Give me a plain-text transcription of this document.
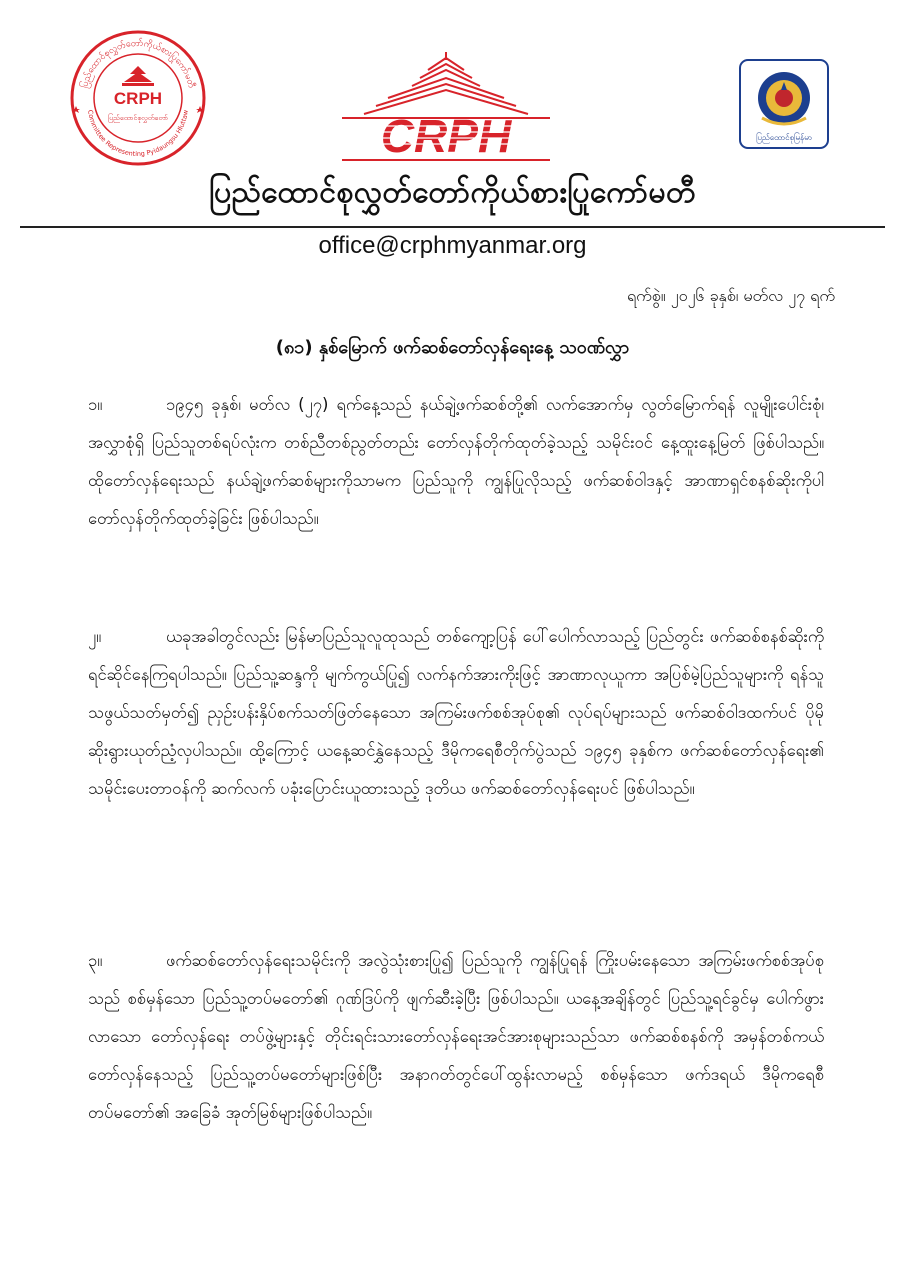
ပြည်ထောင်စုလွှတ်တော်ကိုယ်စားပြုကော်မတီ
Committee Representing Pyidaungsu Hluttaw
CRPH
ပြည်ထောင်စုလွှတ်တော်	CRPH	ပြည်ထောင်စုမြန်မာ
ပြည်ထောင်စုလွှတ်တော်ကိုယ်စားပြုကော်မတီ
office@crphmyanmar.org
ရက်စွဲ။ ၂၀၂၆ ခုနှစ်၊ မတ်လ ၂၇ ရက်
(၈၁) နှစ်မြောက် ဖက်ဆစ်တော်လှန်ရေးနေ့ သဝဏ်လွှာ
၁။	၁၉၄၅ ခုနှစ်၊ မတ်လ (၂၇) ရက်နေ့သည် နယ်ချဲ့ဖက်ဆစ်တို့၏ လက်အောက်မှ လွတ်မြောက်ရန် လူမျိုးပေါင်းစုံ၊ အလွှာစုံရှိ ပြည်သူတစ်ရပ်လုံးက တစ်ညီတစ်ညွတ်တည်း တော်လှန်တိုက်ထုတ်ခဲ့သည့် သမိုင်းဝင် နေ့ထူးနေ့မြတ် ဖြစ်ပါသည်။ ထိုတော်လှန်ရေးသည် နယ်ချဲ့ဖက်ဆစ်များကိုသာမက ပြည်သူကို ကျွန်ပြုလိုသည့် ဖက်ဆစ်ဝါဒနှင့် အာဏာရှင်စနစ်ဆိုးကိုပါ တော်လှန်တိုက်ထုတ်ခဲ့ခြင်း ဖြစ်ပါသည်။
၂။	ယခုအခါတွင်လည်း မြန်မာပြည်သူလူထုသည် တစ်ကျော့ပြန် ပေါ်ပေါက်လာသည့် ပြည်တွင်း ဖက်ဆစ်စနစ်ဆိုးကို ရင်ဆိုင်နေကြရပါသည်။ ပြည်သူ့ဆန္ဒကို မျက်ကွယ်ပြု၍ လက်နက်အားကိုးဖြင့် အာဏာလုယူကာ အပြစ်မဲ့ပြည်သူများကို ရန်သူသဖွယ်သတ်မှတ်၍ ညှဉ်းပန်းနှိပ်စက်သတ်ဖြတ်နေသော အကြမ်းဖက်စစ်အုပ်စု၏ လုပ်ရပ်များသည် ဖက်ဆစ်ဝါဒထက်ပင် ပိုမိုဆိုးရွားယုတ်ညံ့လှပါသည်။ ထို့ကြောင့် ယနေ့ဆင်နွှဲနေသည့် ဒီမိုကရေစီတိုက်ပွဲသည် ၁၉၄၅ ခုနှစ်က ဖက်ဆစ်တော်လှန်ရေး၏ သမိုင်းပေးတာဝန်ကို ဆက်လက် ပခုံးပြောင်းယူထားသည့် ဒုတိယ ဖက်ဆစ်တော်လှန်ရေးပင် ဖြစ်ပါသည်။
၃။	ဖက်ဆစ်တော်လှန်ရေးသမိုင်းကို အလွဲသုံးစားပြု၍ ပြည်သူကို ကျွန်ပြုရန် ကြိုးပမ်းနေသော အကြမ်းဖက်စစ်အုပ်စုသည် စစ်မှန်သော ပြည်သူ့တပ်မတော်၏ ဂုဏ်ဒြပ်ကို ဖျက်ဆီးခဲ့ပြီး ဖြစ်ပါသည်။ ယနေ့အချိန်တွင် ပြည်သူ့ရင်ခွင်မှ ပေါက်ဖွားလာသော တော်လှန်ရေး တပ်ဖွဲ့များနှင့် တိုင်းရင်းသားတော်လှန်ရေးအင်အားစုများသည်သာ ဖက်ဆစ်စနစ်ကို အမှန်တစ်ကယ် တော်လှန်နေသည့် ပြည်သူ့တပ်မတော်များဖြစ်ပြီး အနာဂတ်တွင်ပေါ်ထွန်းလာမည့် စစ်မှန်သော ဖက်ဒရယ် ဒီမိုကရေစီတပ်မတော်၏ အခြေခံ အုတ်မြစ်များဖြစ်ပါသည်။
